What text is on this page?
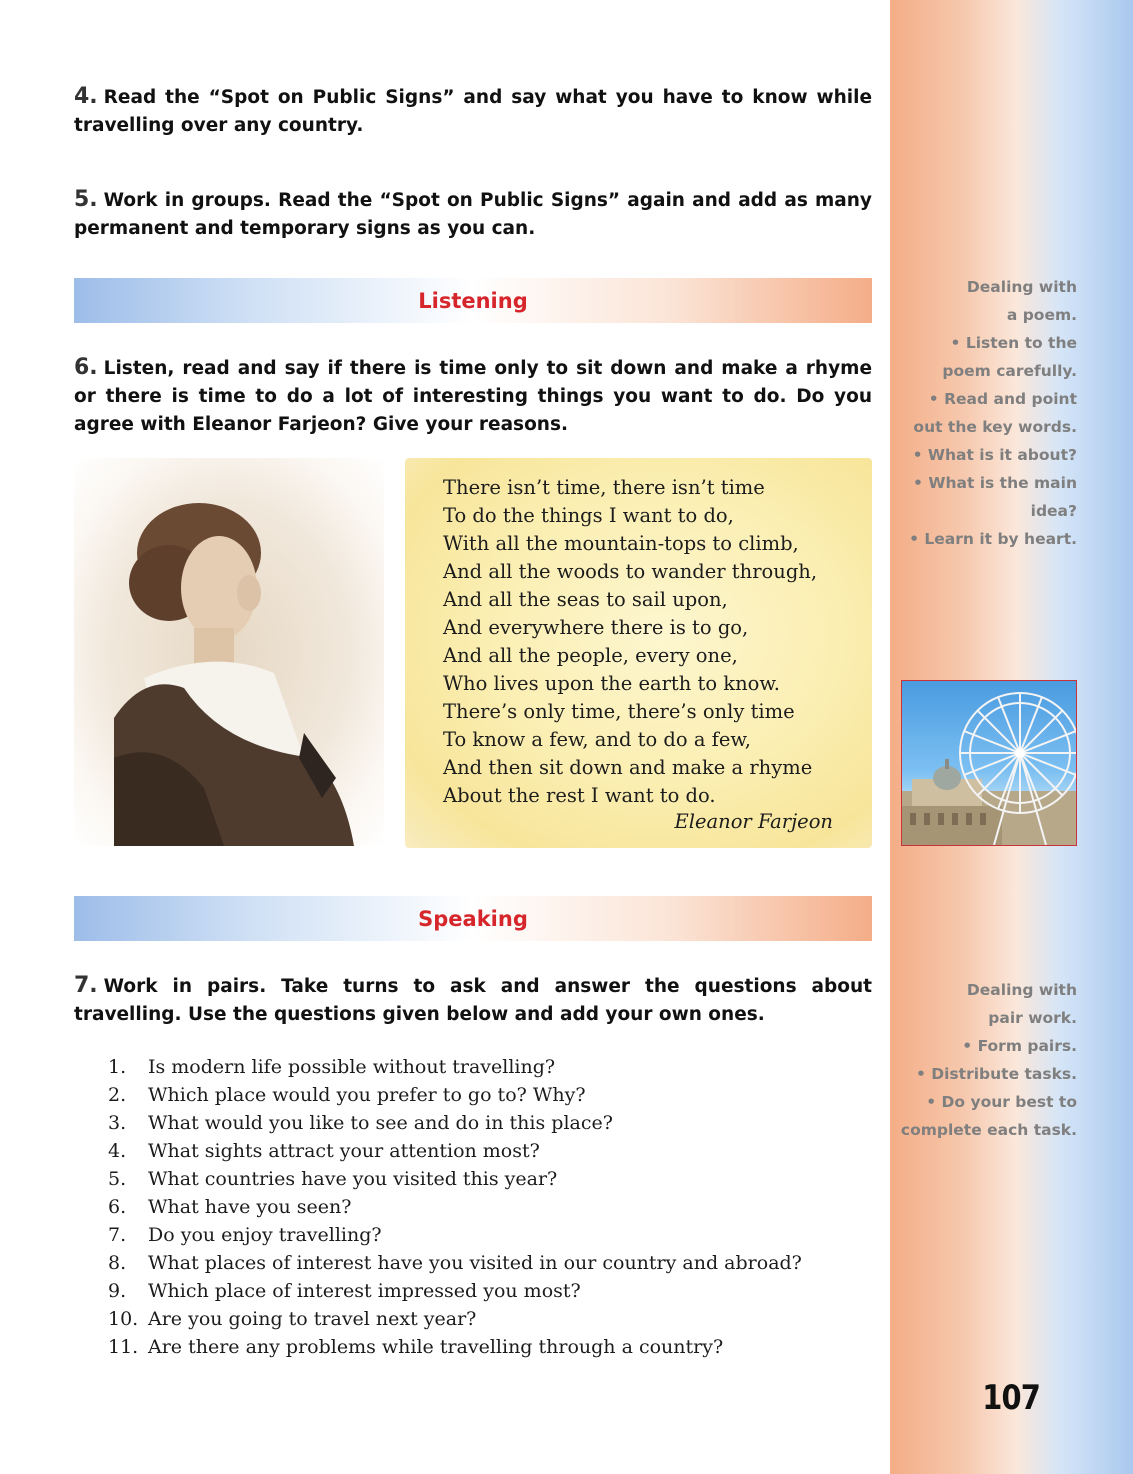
4. Read the “Spot on Public Signs” and say what you have to know while travelling over any country.
5. Work in groups. Read the “Spot on Public Signs” again and add as many permanent and temporary signs as you can.
Listening
6. Listen, read and say if there is time only to sit down and make a rhyme or there is time to do a lot of interesting things you want to do. Do you agree with Eleanor Farjeon? Give your reasons.
There isn’t time, there isn’t time
To do the things I want to do,
With all the mountain-tops to climb,
And all the woods to wander through,
And all the seas to sail upon,
And everywhere there is to go,
And all the people, every one,
Who lives upon the earth to know.
There’s only time, there’s only time
To know a few, and to do a few,
And then sit down and make a rhyme
About the rest I want to do.
Eleanor Farjeon
Speaking
7. Work in pairs. Take turns to ask and answer the questions about travelling. Use the questions given below and add your own ones.
1.	Is modern life possible without travelling?
2.	Which place would you prefer to go to? Why?
3.	What would you like to see and do in this place?
4.	What sights attract your attention most?
5.	What countries have you visited this year?
6.	What have you seen?
7.	Do you enjoy travelling?
8.	What places of interest have you visited in our country and abroad?
9.	Which place of interest impressed you most?
10. Are you going to travel next year?
11. Are there any problems while travelling through a country?
Dealing with
a poem.
• Listen to the
poem carefully.
• Read and point
out the key words.
• What is it about?
• What is the main
idea?
• Learn it by heart.
Dealing with
pair work.
• Form pairs.
• Distribute tasks.
• Do your best to
complete each task.
107
